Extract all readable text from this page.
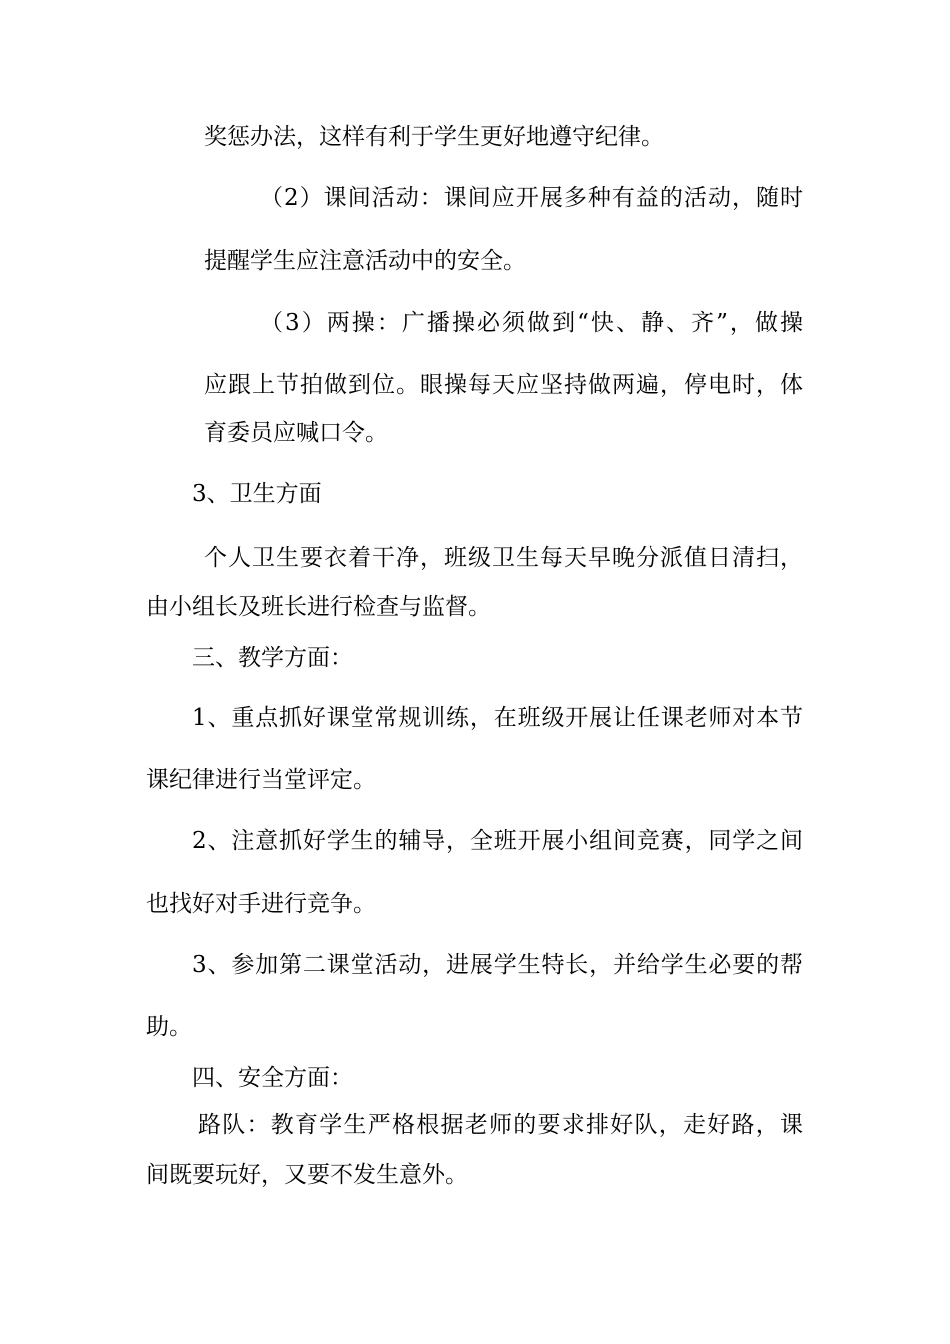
奖惩办法，这样有利于学生更好地遵守纪律。
（2）课间活动：课间应开展多种有益的活动，随时
提醒学生应注意活动中的安全。
（3）两操：广播操必须做到“快、静、齐”，做操
应跟上节拍做到位。眼操每天应坚持做两遍，停电时，体
育委员应喊口令。
3、卫生方面
个人卫生要衣着干净，班级卫生每天早晚分派值日清扫，
由小组长及班长进行检查与监督。
三、教学方面：
1、重点抓好课堂常规训练，在班级开展让任课老师对本节
课纪律进行当堂评定。
2、注意抓好学生的辅导，全班开展小组间竞赛，同学之间
也找好对手进行竞争。
3、参加第二课堂活动，进展学生特长，并给学生必要的帮
助。
四、安全方面：
路队：教育学生严格根据老师的要求排好队，走好路，课
间既要玩好，又要不发生意外。
